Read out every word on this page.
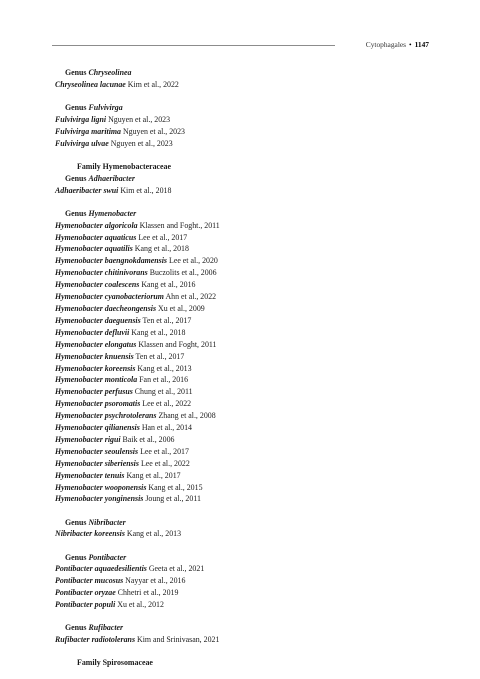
Cytophagales • 1147
Genus Chryseolinea
Chryseolinea lacunae Kim et al., 2022
Genus Fulvivirga
Fulvivirga ligni Nguyen et al., 2023
Fulvivirga maritima Nguyen et al., 2023
Fulvivirga ulvae Nguyen et al., 2023
Family Hymenobacteraceae
Genus Adhaeribacter
Adhaeribacter swui Kim et al., 2018
Genus Hymenobacter
Hymenobacter algoricola Klassen and Foght., 2011
Hymenobacter aquaticus Lee et al., 2017
Hymenobacter aquatilis Kang et al., 2018
Hymenobacter baengnokdamensis Lee et al., 2020
Hymenobacter chitinivorans Buczolits et al., 2006
Hymenobacter coalescens Kang et al., 2016
Hymenobacter cyanobacteriorum Ahn et al., 2022
Hymenobacter daecheongensis Xu et al., 2009
Hymenobacter daeguensis Ten et al., 2017
Hymenobacter defluvii Kang et al., 2018
Hymenobacter elongatus Klassen and Foght, 2011
Hymenobacter knuensis Ten et al., 2017
Hymenobacter koreensis Kang et al., 2013
Hymenobacter monticola Fan et al., 2016
Hymenobacter perfusus Chung et al., 2011
Hymenobacter psoromatis Lee et al., 2022
Hymenobacter psychrotolerans Zhang et al., 2008
Hymenobacter qilianensis Han et al., 2014
Hymenobacter rigui Baik et al., 2006
Hymenobacter seoulensis Lee et al., 2017
Hymenobacter siberiensis Lee et al., 2022
Hymenobacter tenuis Kang et al., 2017
Hymenobacter wooponensis Kang et al., 2015
Hymenobacter yonginensis Joung et al., 2011
Genus Nibribacter
Nibribacter koreensis Kang et al., 2013
Genus Pontibacter
Pontibacter aquaedesilientis Geeta et al., 2021
Pontibacter mucosus Nayyar et al., 2016
Pontibacter oryzae Chhetri et al., 2019
Pontibacter populi Xu et al., 2012
Genus Rufibacter
Rufibacter radiotolerans Kim and Srinivasan, 2021
Family Spirosomaceae
